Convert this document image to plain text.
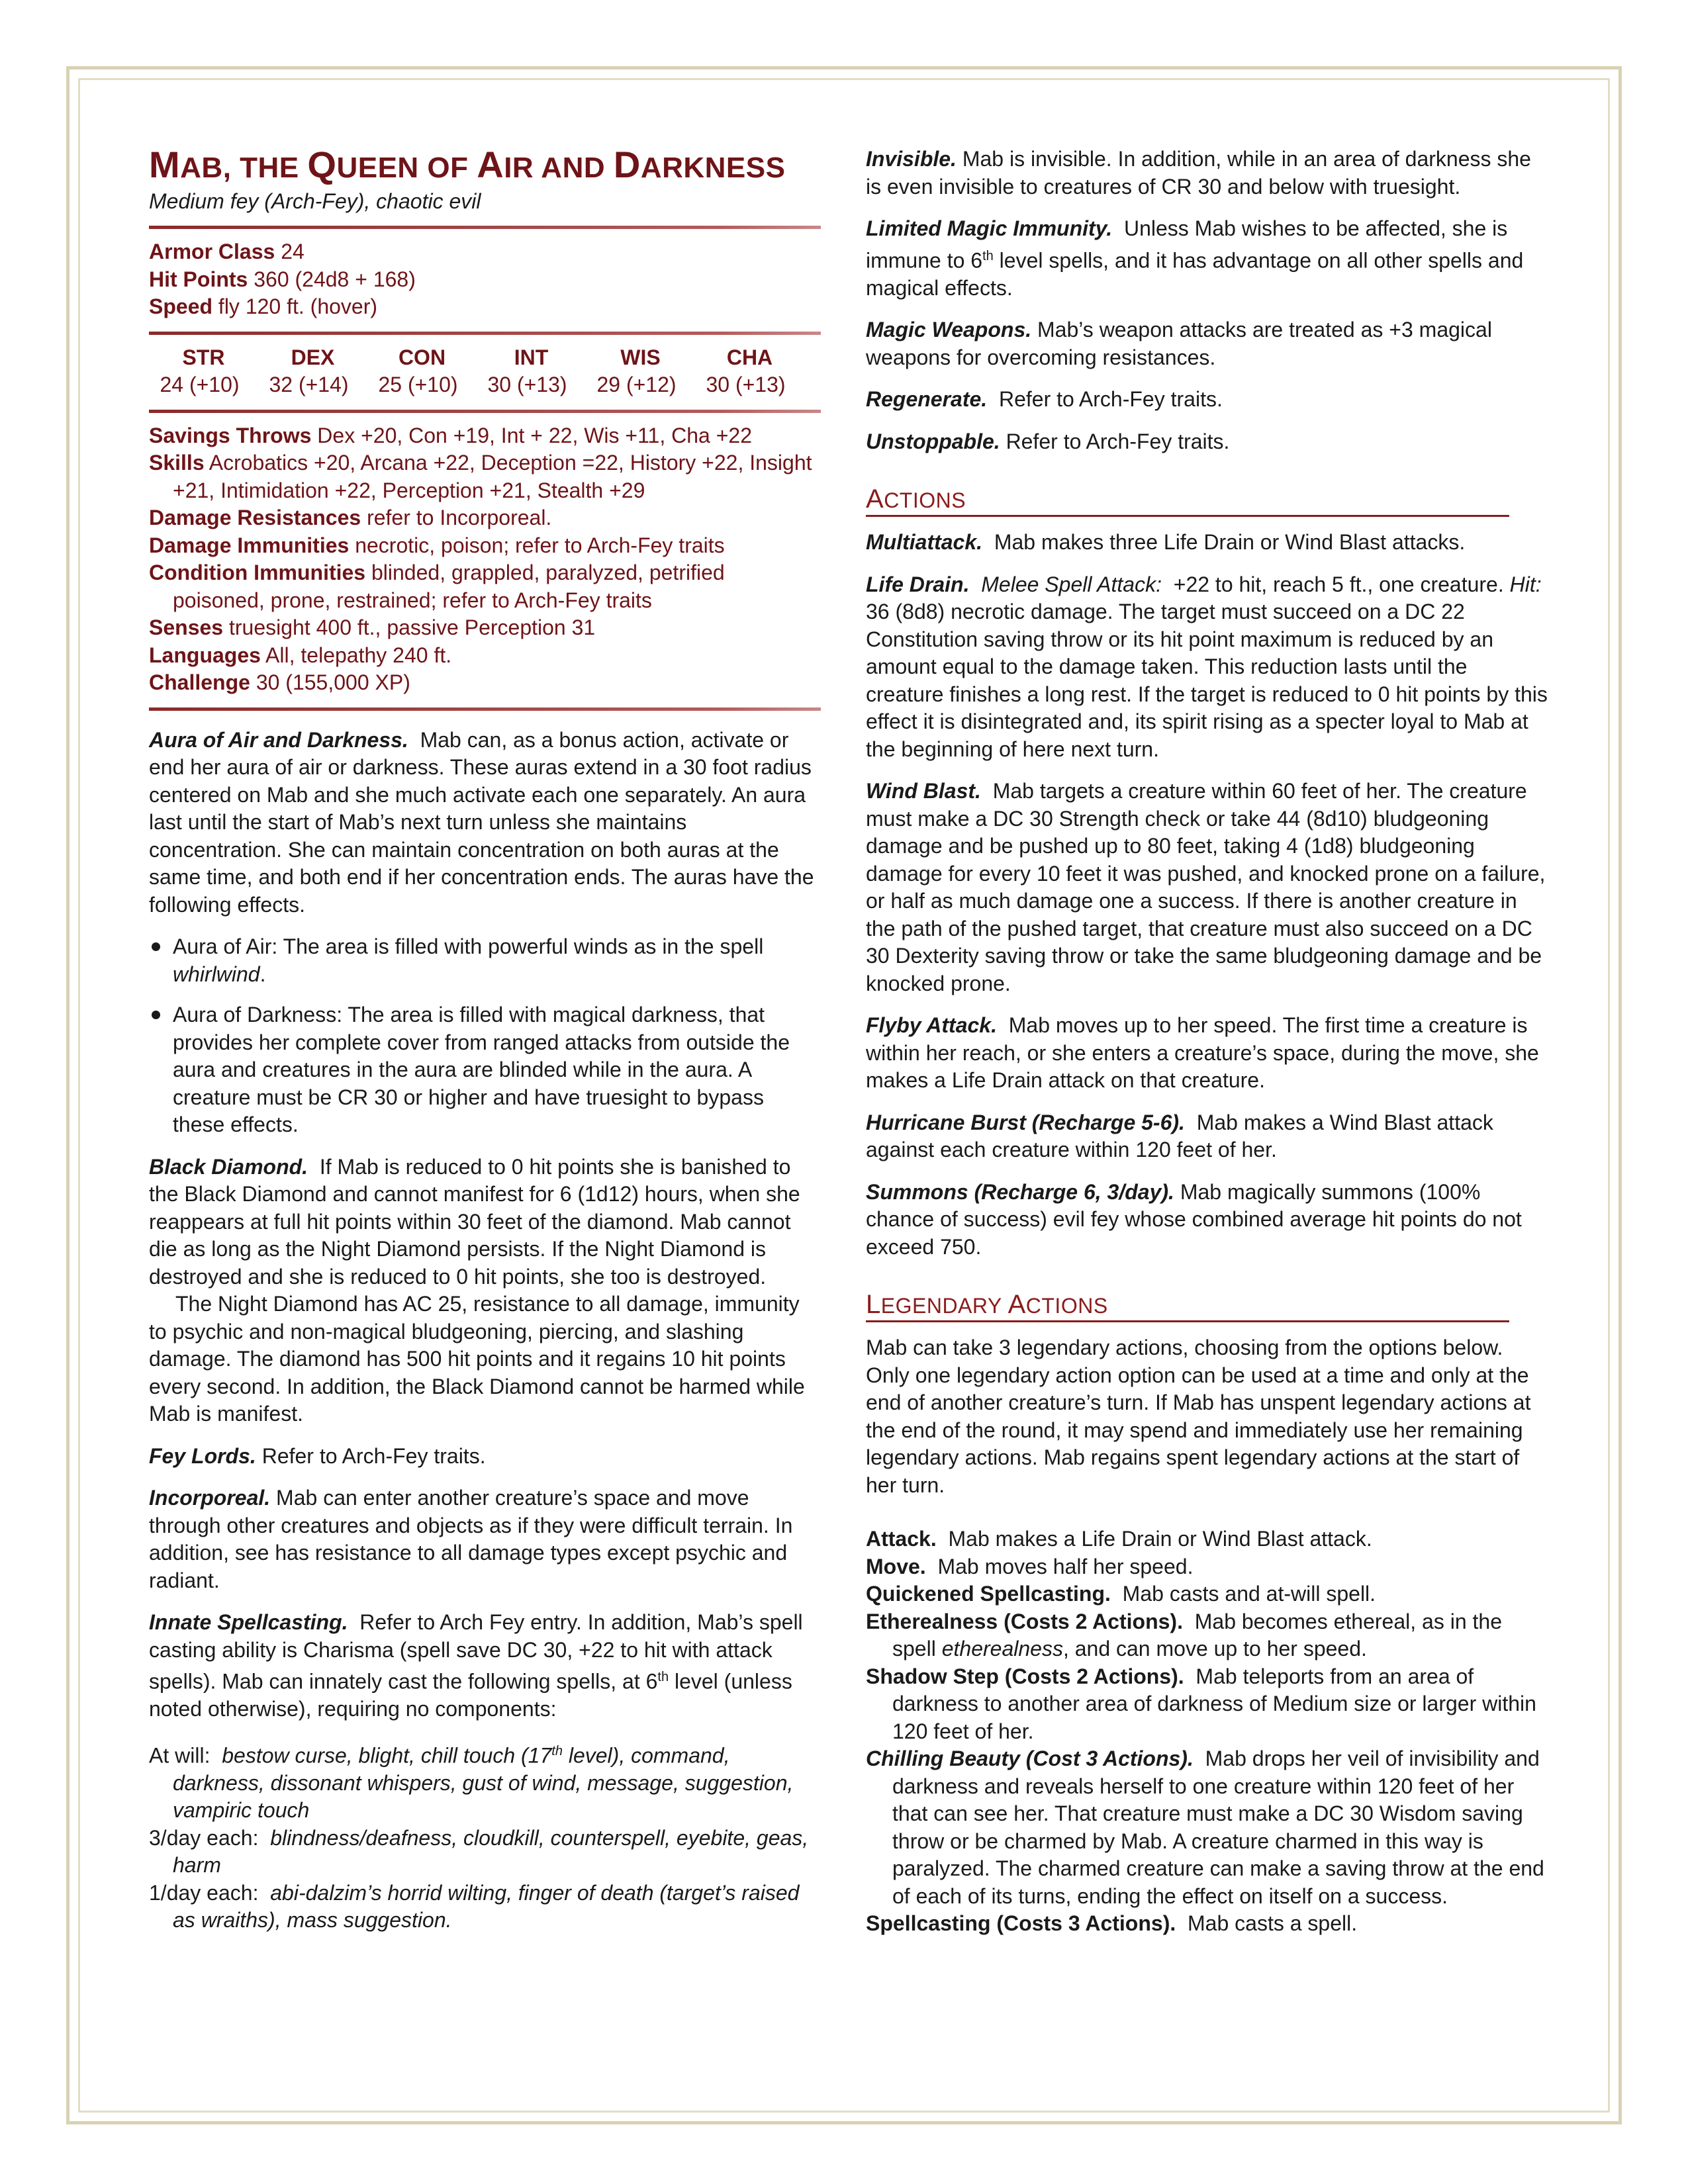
MAB, THE QUEEN OF AIR AND DARKNESS
Medium fey (Arch-Fey), chaotic evil
Armor Class 24
Hit Points 360 (24d8 + 168)
Speed fly 120 ft. (hover)
STR	DEX	CON	INT	WIS	CHA
24 (+10)	32 (+14)	25 (+10)	30 (+13)	29 (+12)	30 (+13)
Savings Throws Dex +20, Con +19, Int + 22, Wis +11, Cha +22
Skills Acrobatics +20, Arcana +22, Deception =22, History +22, Insight +21, Intimidation +22, Perception +21, Stealth +29
Damage Resistances refer to Incorporeal.
Damage Immunities necrotic, poison; refer to Arch-Fey traits
Condition Immunities blinded, grappled, paralyzed, petrified poisoned, prone, restrained; refer to Arch-Fey traits
Senses truesight 400 ft., passive Perception 31
Languages All, telepathy 240 ft.
Challenge 30 (155,000 XP)

Aura of Air and Darkness. Mab can, as a bonus action, activate or end her aura of air or darkness. These auras extend in a 30 foot radius centered on Mab and she much activate each one separately. An aura last until the start of Mab’s next turn unless she maintains concentration. She can maintain concentration on both auras at the same time, and both end if her concentration ends. The auras have the following effects.

Aura of Air: The area is filled with powerful winds as in the spell whirlwind.
Aura of Darkness: The area is filled with magical darkness, that provides her complete cover from ranged attacks from outside the aura and creatures in the aura are blinded while in the aura. A creature must be CR 30 or higher and have truesight to bypass these effects.
Black Diamond. If Mab is reduced to 0 hit points she is banished to the Black Diamond and cannot manifest for 6 (1d12) hours, when she reappears at full hit points within 30 feet of the diamond. Mab cannot die as long as the Night Diamond persists. If the Night Diamond is destroyed and she is reduced to 0 hit points, she too is destroyed.
The Night Diamond has AC 25, resistance to all damage, immunity to psychic and non-magical bludgeoning, piercing, and slashing damage. The diamond has 500 hit points and it regains 10 hit points every second. In addition, the Black Diamond cannot be harmed while Mab is manifest.

Fey Lords. Refer to Arch-Fey traits.

Incorporeal. Mab can enter another creature’s space and move through other creatures and objects as if they were difficult terrain. In addition, see has resistance to all damage types except psychic and radiant.

Innate Spellcasting. Refer to Arch Fey entry. In addition, Mab’s spell casting ability is Charisma (spell save DC 30, +22 to hit with attack spells). Mab can innately cast the following spells, at 6th level (unless noted otherwise), requiring no components:

At will: bestow curse, blight, chill touch (17th level), command, darkness, dissonant whispers, gust of wind, message, suggestion, vampiric touch
3/day each: blindness/deafness, cloudkill, counterspell, eyebite, geas, harm
1/day each: abi-dalzim’s horrid wilting, finger of death (target’s raised as wraiths), mass suggestion.

Invisible. Mab is invisible. In addition, while in an area of darkness she is even invisible to creatures of CR 30 and below with truesight.

Limited Magic Immunity. Unless Mab wishes to be affected, she is immune to 6th level spells, and it has advantage on all other spells and magical effects.

Magic Weapons. Mab’s weapon attacks are treated as +3 magical weapons for overcoming resistances.

Regenerate. Refer to Arch-Fey traits.

Unstoppable. Refer to Arch-Fey traits.

ACTIONS

Multiattack. Mab makes three Life Drain or Wind Blast attacks.

Life Drain. Melee Spell Attack: +22 to hit, reach 5 ft., one creature. Hit: 36 (8d8) necrotic damage. The target must succeed on a DC 22 Constitution saving throw or its hit point maximum is reduced by an amount equal to the damage taken. This reduction lasts until the creature finishes a long rest. If the target is reduced to 0 hit points by this effect it is disintegrated and, its spirit rising as a specter loyal to Mab at the beginning of here next turn.

Wind Blast. Mab targets a creature within 60 feet of her. The creature must make a DC 30 Strength check or take 44 (8d10) bludgeoning damage and be pushed up to 80 feet, taking 4 (1d8) bludgeoning damage for every 10 feet it was pushed, and knocked prone on a failure, or half as much damage one a success. If there is another creature in the path of the pushed target, that creature must also succeed on a DC 30 Dexterity saving throw or take the same bludgeoning damage and be knocked prone.

Flyby Attack. Mab moves up to her speed. The first time a creature is within her reach, or she enters a creature’s space, during the move, she makes a Life Drain attack on that creature.

Hurricane Burst (Recharge 5-6). Mab makes a Wind Blast attack against each creature within 120 feet of her.

Summons (Recharge 6, 3/day). Mab magically summons (100% chance of success) evil fey whose combined average hit points do not exceed 750.

LEGENDARY ACTIONS

Mab can take 3 legendary actions, choosing from the options below. Only one legendary action option can be used at a time and only at the end of another creature’s turn. If Mab has unspent legendary actions at the end of the round, it may spend and immediately use her remaining legendary actions. Mab regains spent legendary actions at the start of her turn.

Attack. Mab makes a Life Drain or Wind Blast attack.
Move. Mab moves half her speed.
Quickened Spellcasting. Mab casts and at-will spell.
Etherealness (Costs 2 Actions). Mab becomes ethereal, as in the spell etherealness, and can move up to her speed.
Shadow Step (Costs 2 Actions). Mab teleports from an area of darkness to another area of darkness of Medium size or larger within 120 feet of her.
Chilling Beauty (Cost 3 Actions). Mab drops her veil of invisibility and darkness and reveals herself to one creature within 120 feet of her that can see her. That creature must make a DC 30 Wisdom saving throw or be charmed by Mab. A creature charmed in this way is paralyzed. The charmed creature can make a saving throw at the end of each of its turns, ending the effect on itself on a success.
Spellcasting (Costs 3 Actions). Mab casts a spell.
